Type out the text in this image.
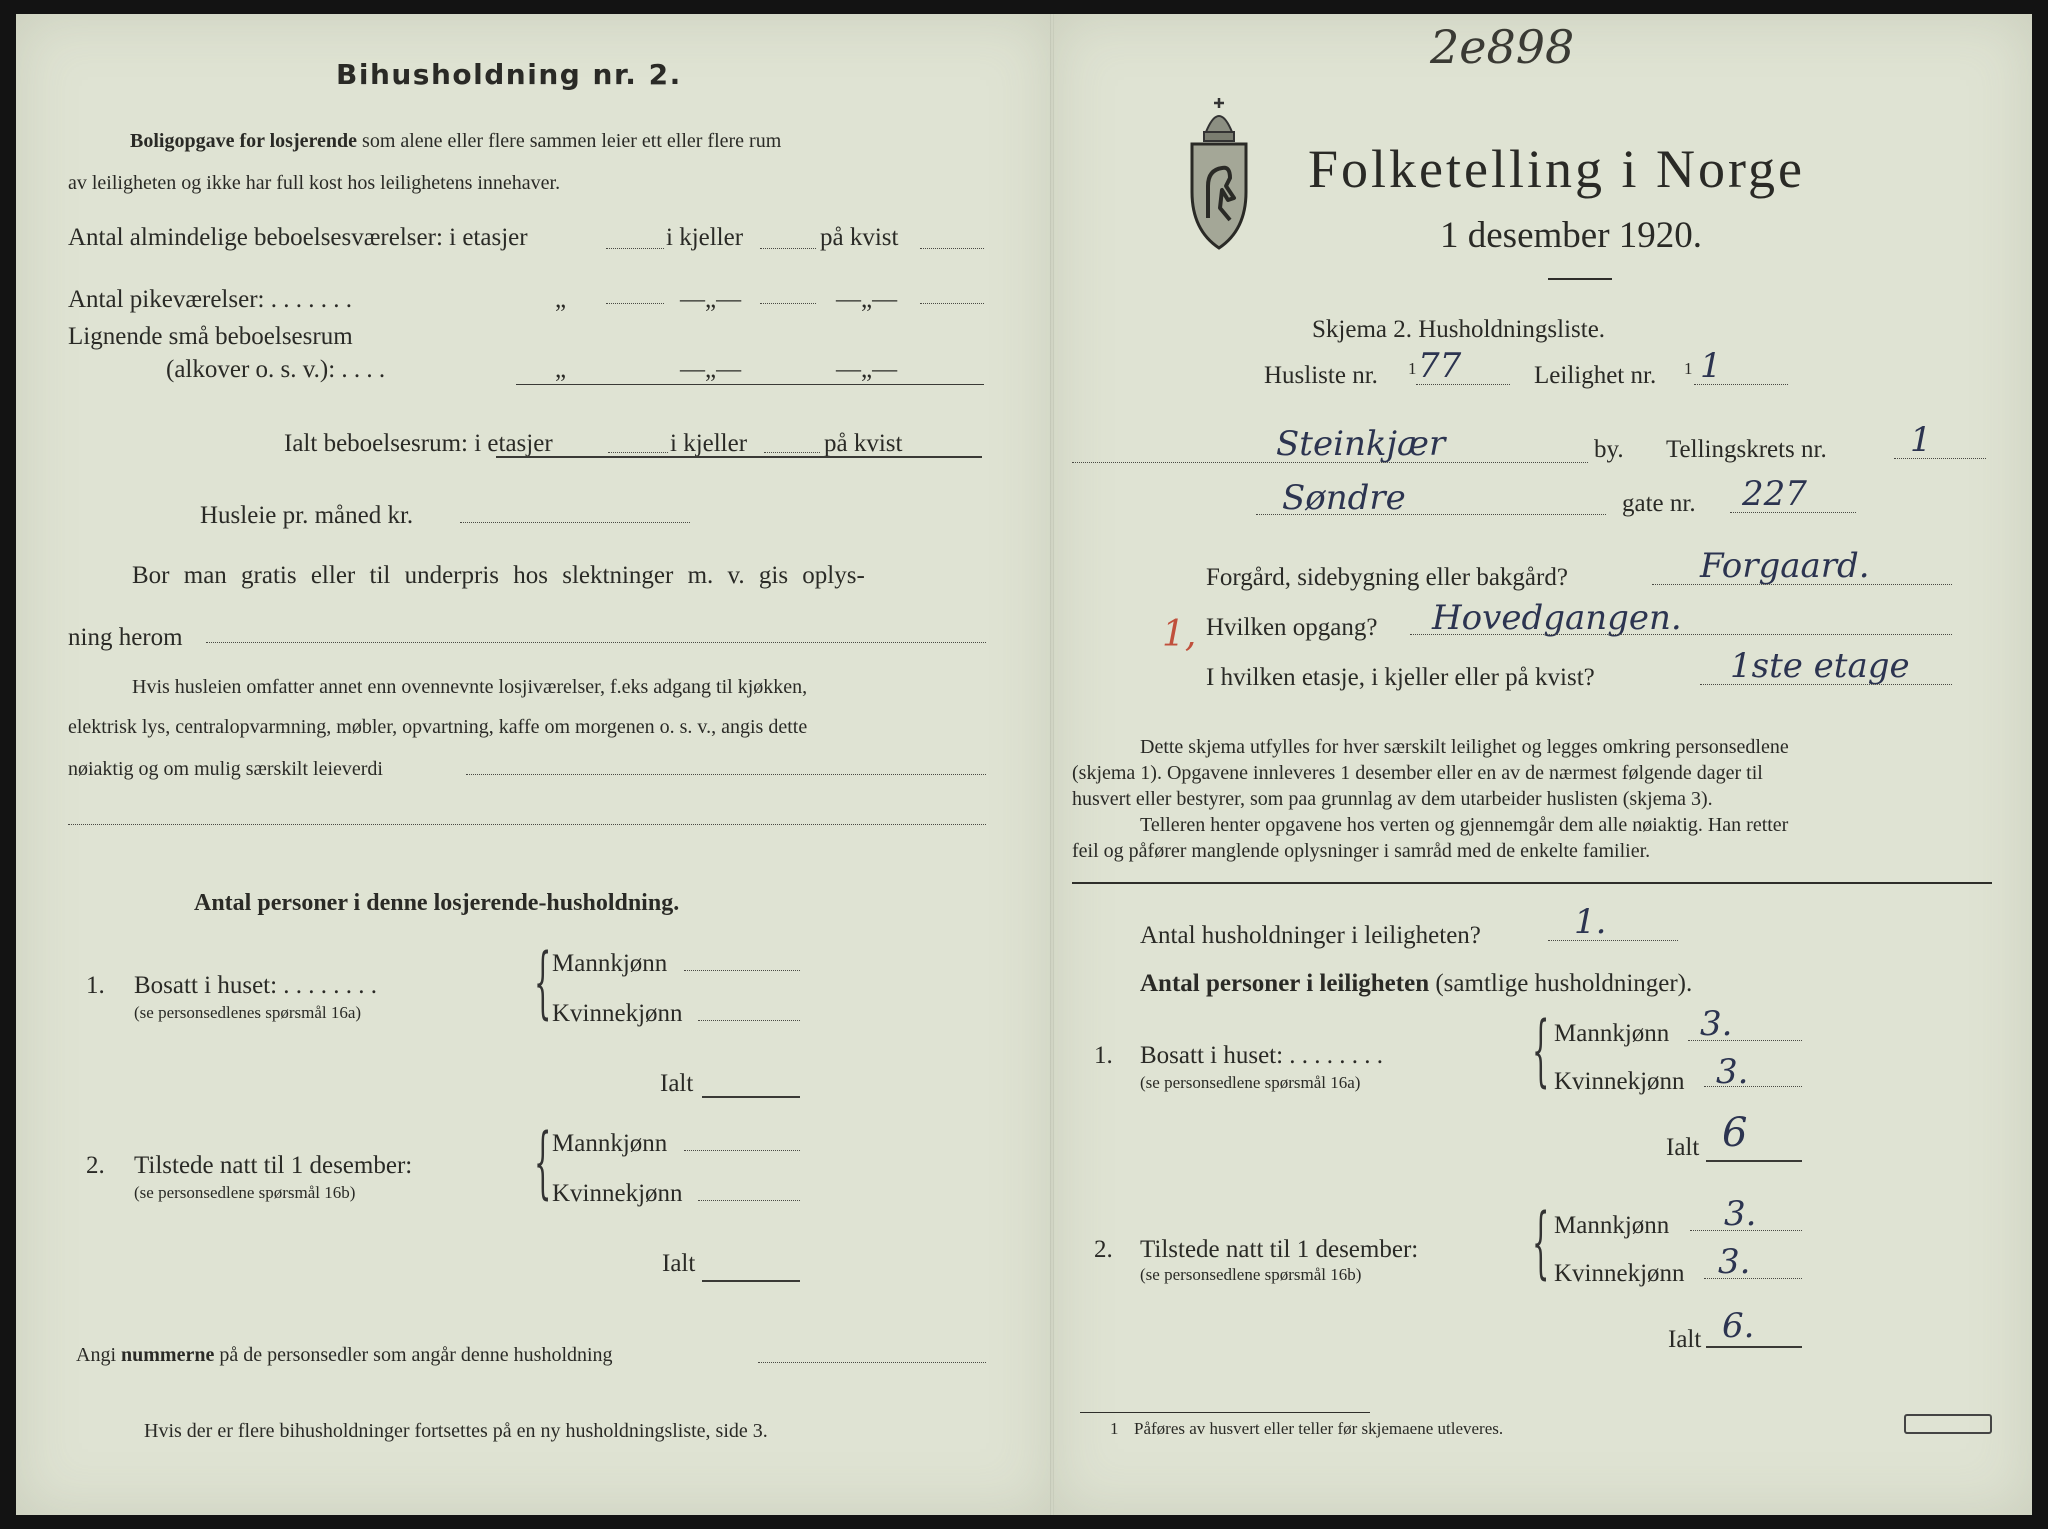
Bihusholdning nr. 2.
Boligopgave for losjerende som alene eller flere sammen leier ett eller flere rum
av leiligheten og ikke har full kost hos leilighetens innehaver.
Antal almindelige beboelsesværelser: i etasjer	i kjeller	på kvist
Antal pikeværelser: . . . . . . .	„	—„—	—„—
Lignende små beboelsesrum
(alkover o. s. v.): . . . .	„	—„—	—„—
Ialt beboelsesrum: i etasjer	i kjeller	på kvist
Husleie pr. måned kr.
Bor man gratis eller til underpris hos slektninger m. v. gis oplys-
ning herom
Hvis husleien omfatter annet enn ovennevnte losjiværelser, f.eks adgang til kjøkken,
elektrisk lys, centralopvarmning, møbler, opvartning, kaffe om morgenen o. s. v., angis dette
nøiaktig og om mulig særskilt leieverdi
Antal personer i denne losjerende-husholdning.
1. Bosatt i huset: . . . . . . . .
(se personsedlenes spørsmål 16a) { Mannkjønn
Kvinnekjønn
Ialt
2. Tilstede natt til 1 desember:
(se personsedlene spørsmål 16b) { Mannkjønn
Kvinnekjønn
Ialt
Angi nummerne på de personsedler som angår denne husholdning
Hvis der er flere bihusholdninger fortsettes på en ny husholdningsliste, side 3.
2e898
Folketelling i Norge
1 desember 1920.
Skjema 2. Husholdningsliste.
Husliste nr. 1 77	Leilighet nr. 1 1
Steinkjær	by. Tellingskrets nr. 1
Søndre	gate nr. 227
Forgård, sidebygning eller bakgård?	Forgaard.
1, Hvilken opgang? Hovedgangen.
I hvilken etasje, i kjeller eller på kvist?	1ste etage
Dette skjema utfylles for hver særskilt leilighet og legges omkring personsedlene
(skjema 1). Opgavene innleveres 1 desember eller en av de nærmest følgende dager til
husvert eller bestyrer, som paa grunnlag av dem utarbeider huslisten (skjema 3).
Telleren henter opgavene hos verten og gjennemgår dem alle nøiaktig. Han retter
feil og påfører manglende oplysninger i samråd med de enkelte familier.
Antal husholdninger i leiligheten?	1.
Antal personer i leiligheten (samtlige husholdninger).
1. Bosatt i huset: . . . . . . . .
(se personsedlene spørsmål 16a) { Mannkjønn 3.
Kvinnekjønn 3.
Ialt 6
2. Tilstede natt til 1 desember:
(se personsedlene spørsmål 16b) { Mannkjønn 3.
Kvinnekjønn 3.
Ialt 6.
1 Påføres av husvert eller teller før skjemaene utleveres.
